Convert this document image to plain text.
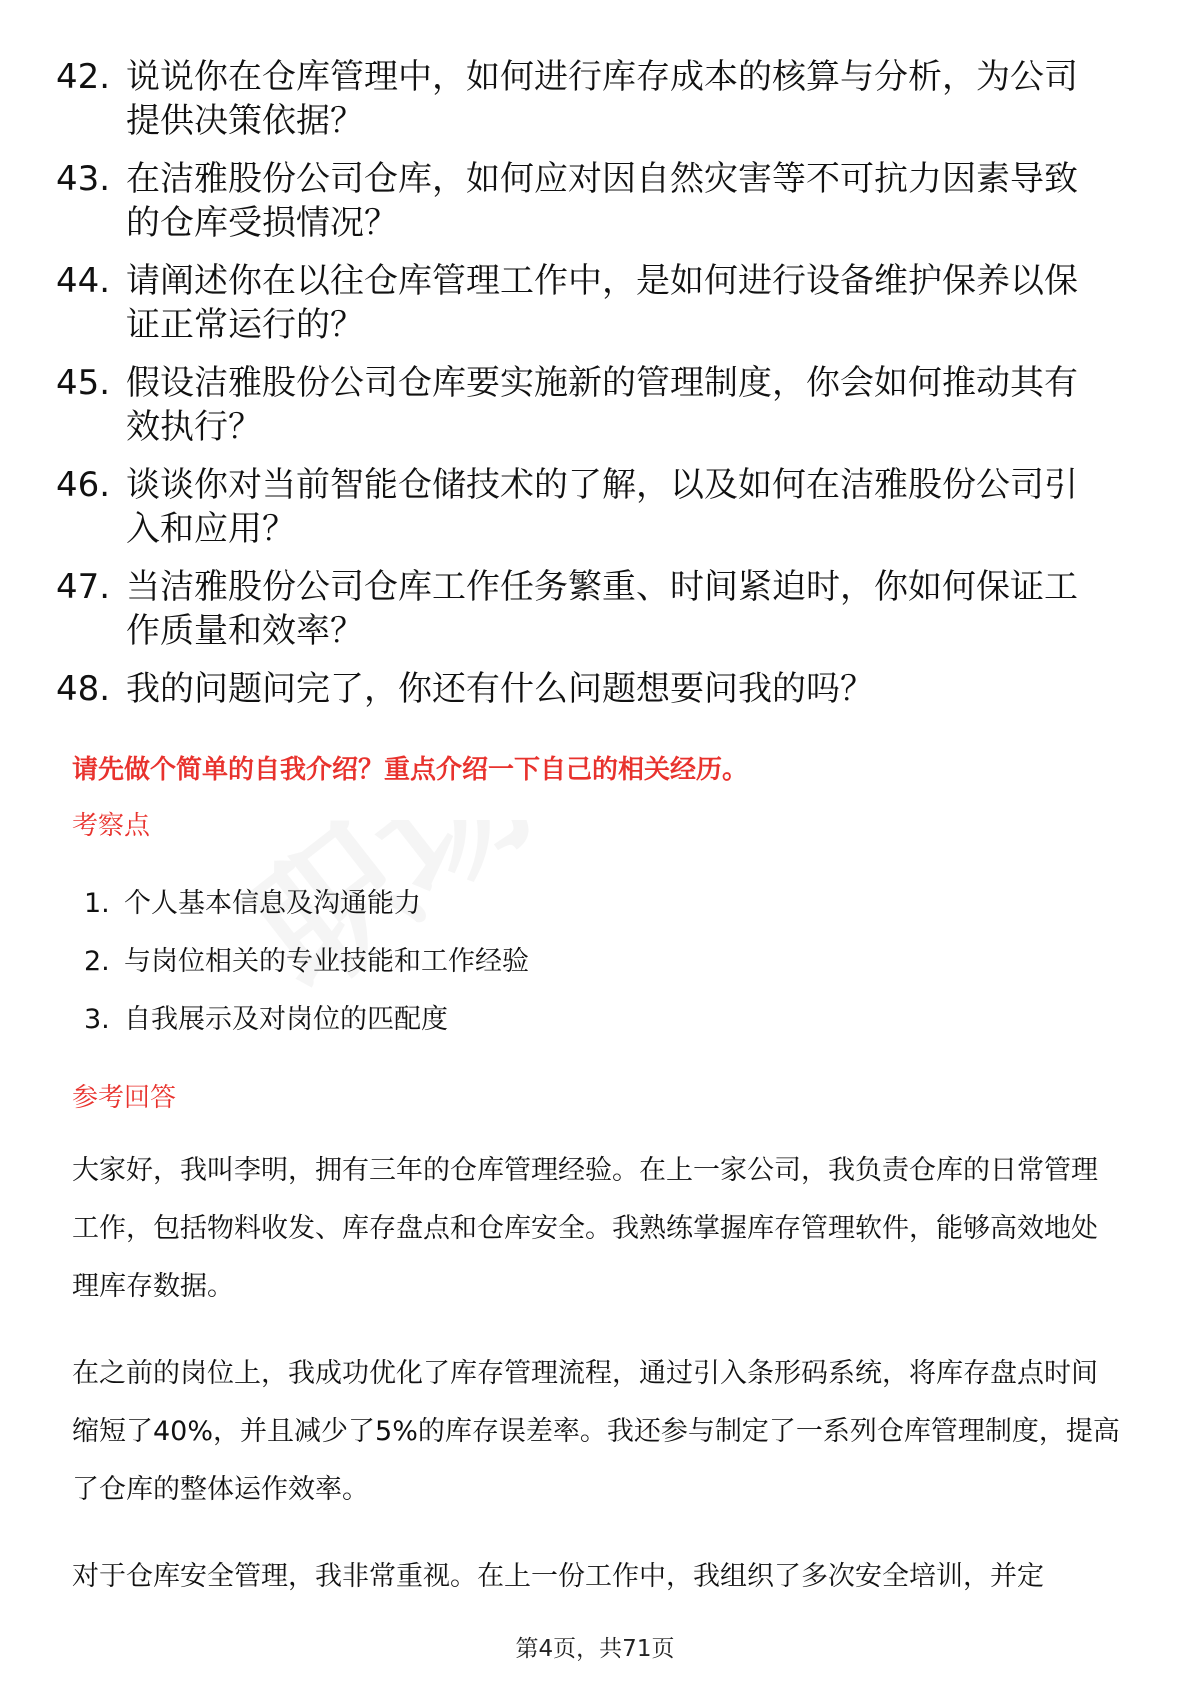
42. 说说你在仓库管理中，如何进行库存成本的核算与分析，为公司提供决策依据？
43. 在洁雅股份公司仓库，如何应对因自然灾害等不可抗力因素导致的仓库受损情况？
44. 请阐述你在以往仓库管理工作中，是如何进行设备维护保养以保证正常运行的？
45. 假设洁雅股份公司仓库要实施新的管理制度，你会如何推动其有效执行？
46. 谈谈你对当前智能仓储技术的了解，以及如何在洁雅股份公司引入和应用？
47. 当洁雅股份公司仓库工作任务繁重、时间紧迫时，你如何保证工作质量和效率？
48. 我的问题问完了，你还有什么问题想要问我的吗？
请先做个简单的自我介绍？重点介绍一下自己的相关经历。
考察点
1. 个人基本信息及沟通能力
2. 与岗位相关的专业技能和工作经验
3. 自我展示及对岗位的匹配度
参考回答

大家好，我叫李明，拥有三年的仓库管理经验。在上一家公司，我负责仓库的日常管理工作，包括物料收发、库存盘点和仓库安全。我熟练掌握库存管理软件，能够高效地处理库存数据。

在之前的岗位上，我成功优化了库存管理流程，通过引入条形码系统，将库存盘点时间缩短了40%，并且减少了5%的库存误差率。我还参与制定了一系列仓库管理制度，提高了仓库的整体运作效率。

对于仓库安全管理，我非常重视。在上一份工作中，我组织了多次安全培训，并定

第4页，共71页
